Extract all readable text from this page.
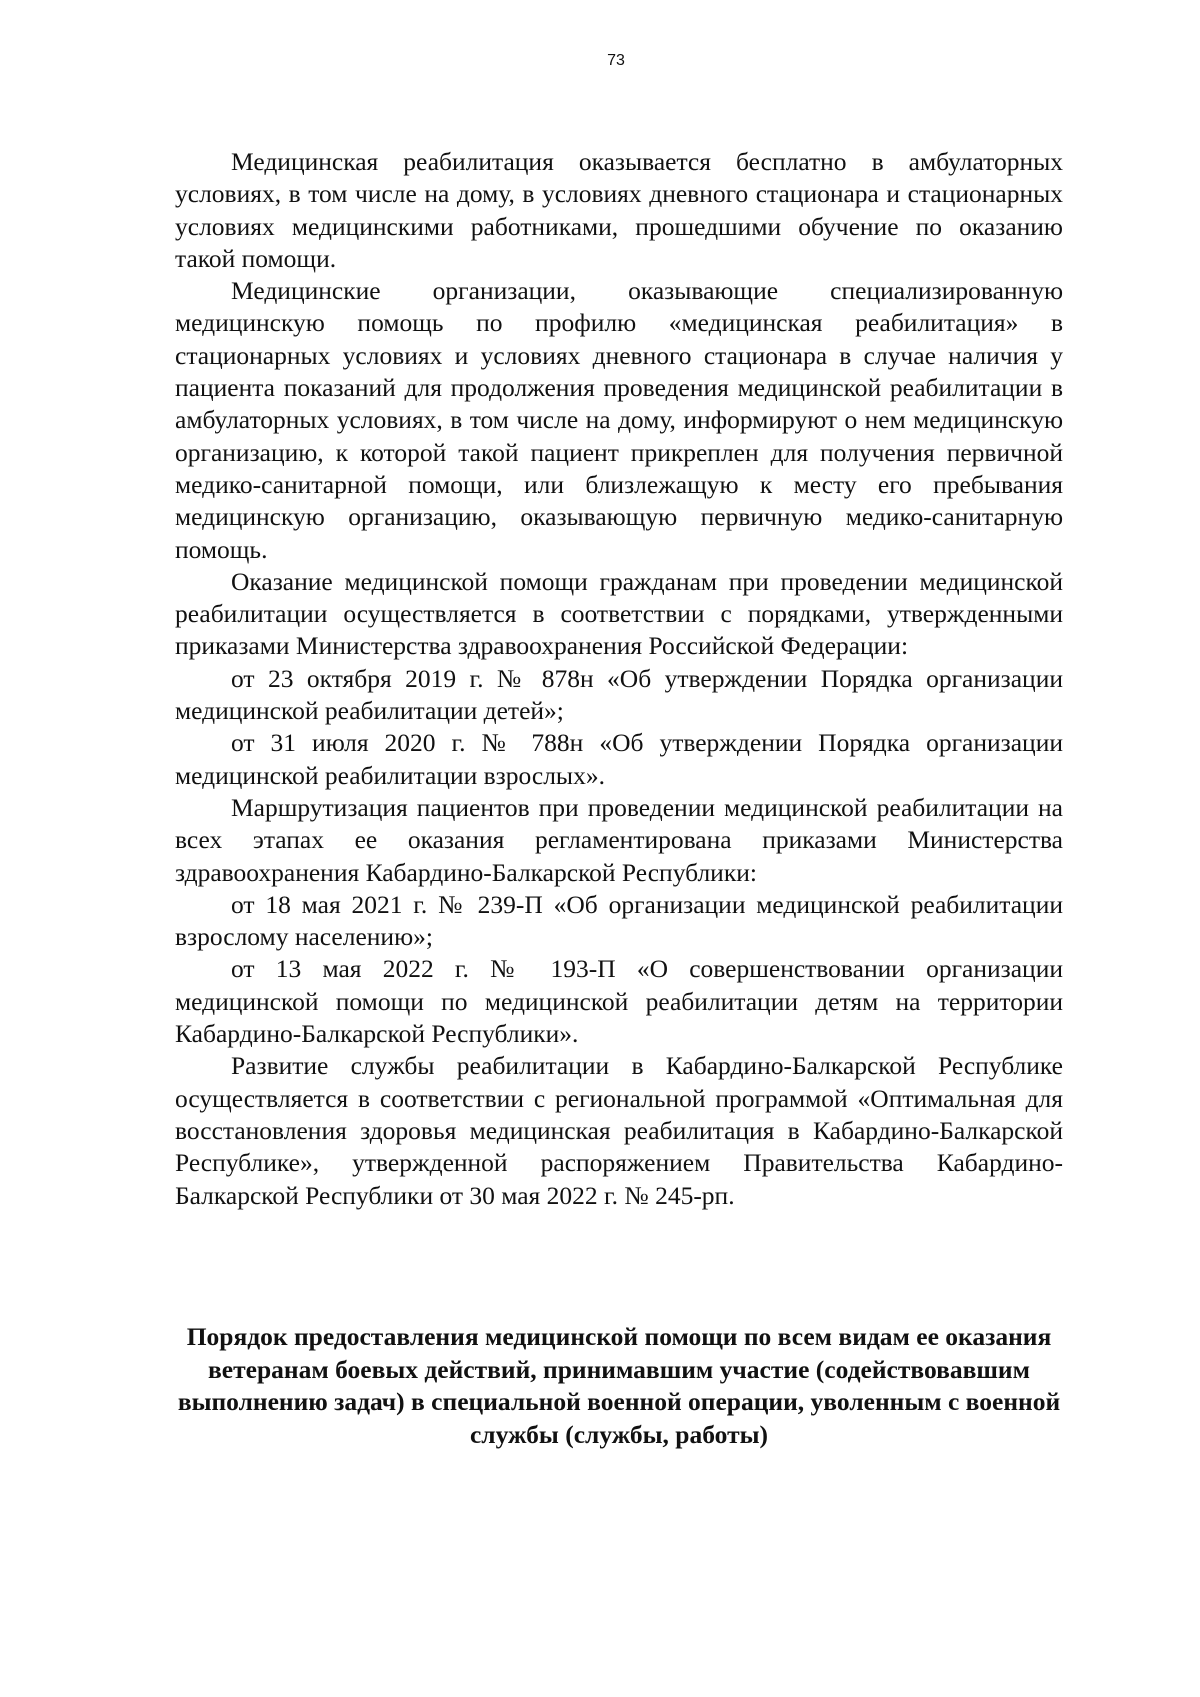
73

Медицинская реабилитация оказывается бесплатно в амбулаторных условиях, в том числе на дому, в условиях дневного стационара и стационарных условиях медицинскими работниками, прошедшими обучение по оказанию такой помощи.

Медицинские организации, оказывающие специализированную медицинскую помощь по профилю «медицинская реабилитация» в стационарных условиях и условиях дневного стационара в случае наличия у пациента показаний для продолжения проведения медицинской реабилитации в амбулаторных условиях, в том числе на дому, информируют о нем медицинскую организацию, к которой такой пациент прикреплен для получения первичной медико-санитарной помощи, или близлежащую к месту его пребывания медицинскую организацию, оказывающую первичную медико-санитарную помощь.

Оказание медицинской помощи гражданам при проведении медицинской реабилитации осуществляется в соответствии с порядками, утвержденными приказами Министерства здравоохранения Российской Федерации:

от 23 октября 2019 г. № 878н «Об утверждении Порядка организации медицинской реабилитации детей»;

от 31 июля 2020 г. № 788н «Об утверждении Порядка организации медицинской реабилитации взрослых».

Маршрутизация пациентов при проведении медицинской реабилитации на всех этапах ее оказания регламентирована приказами Министерства здравоохранения Кабардино-Балкарской Республики:

от 18 мая 2021 г. № 239-П «Об организации медицинской реабилитации взрослому населению»;

от 13 мая 2022 г. № 193-П «О совершенствовании организации медицинской помощи по медицинской реабилитации детям на территории Кабардино-Балкарской Республики».

Развитие службы реабилитации в Кабардино-Балкарской Республике осуществляется в соответствии с региональной программой «Оптимальная для восстановления здоровья медицинская реабилитация в Кабардино-Балкарской Республике», утвержденной распоряжением Правительства Кабардино-Балкарской Республики от 30 мая 2022 г. № 245-рп.

Порядок предоставления медицинской помощи по всем видам ее оказания ветеранам боевых действий, принимавшим участие (содействовавшим выполнению задач) в специальной военной операции, уволенным с военной службы (службы, работы)
